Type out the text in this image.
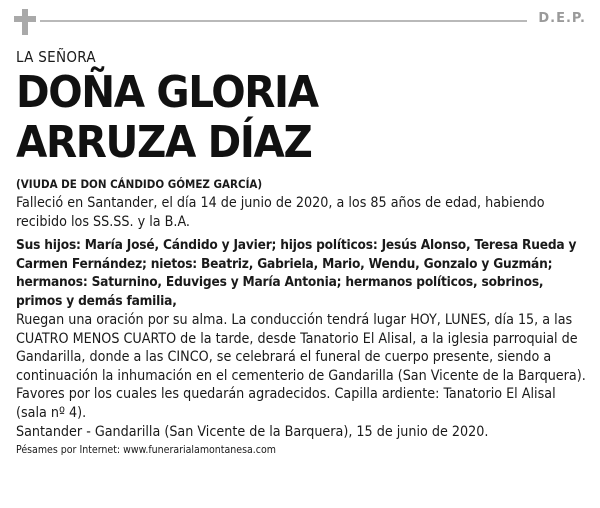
D.E.P.
LA SEÑORA
DOÑA GLORIA
ARRUZA DÍAZ
(VIUDA DE DON CÁNDIDO GÓMEZ GARCÍA)

Falleció en Santander, el día 14 de junio de 2020, a los 85 años de edad, habiendo recibido los SS.SS. y la B.A.

Sus hijos: María José, Cándido y Javier; hijos políticos: Jesús Alonso, Teresa Rueda y Carmen Fernández; nietos: Beatriz, Gabriela, Mario, Wendu, Gonzalo y Guzmán; hermanos: Saturnino, Eduviges y María Antonia; hermanos políticos, sobrinos, primos y demás familia,

Ruegan una oración por su alma. La conducción tendrá lugar HOY, LUNES, día 15, a las CUATRO MENOS CUARTO de la tarde, desde Tanatorio El Alisal, a la iglesia parroquial de Gandarilla, donde a las CINCO, se celebrará el funeral de cuerpo presente, siendo a continuación la inhumación en el cementerio de Gandarilla (San Vicente de la Barquera). Favores por los cuales les quedarán agradecidos. Capilla ardiente: Tanatorio El Alisal (sala nº 4).

Santander - Gandarilla (San Vicente de la Barquera), 15 de junio de 2020.

Pésames por Internet: www.funerarialamontanesa.com
